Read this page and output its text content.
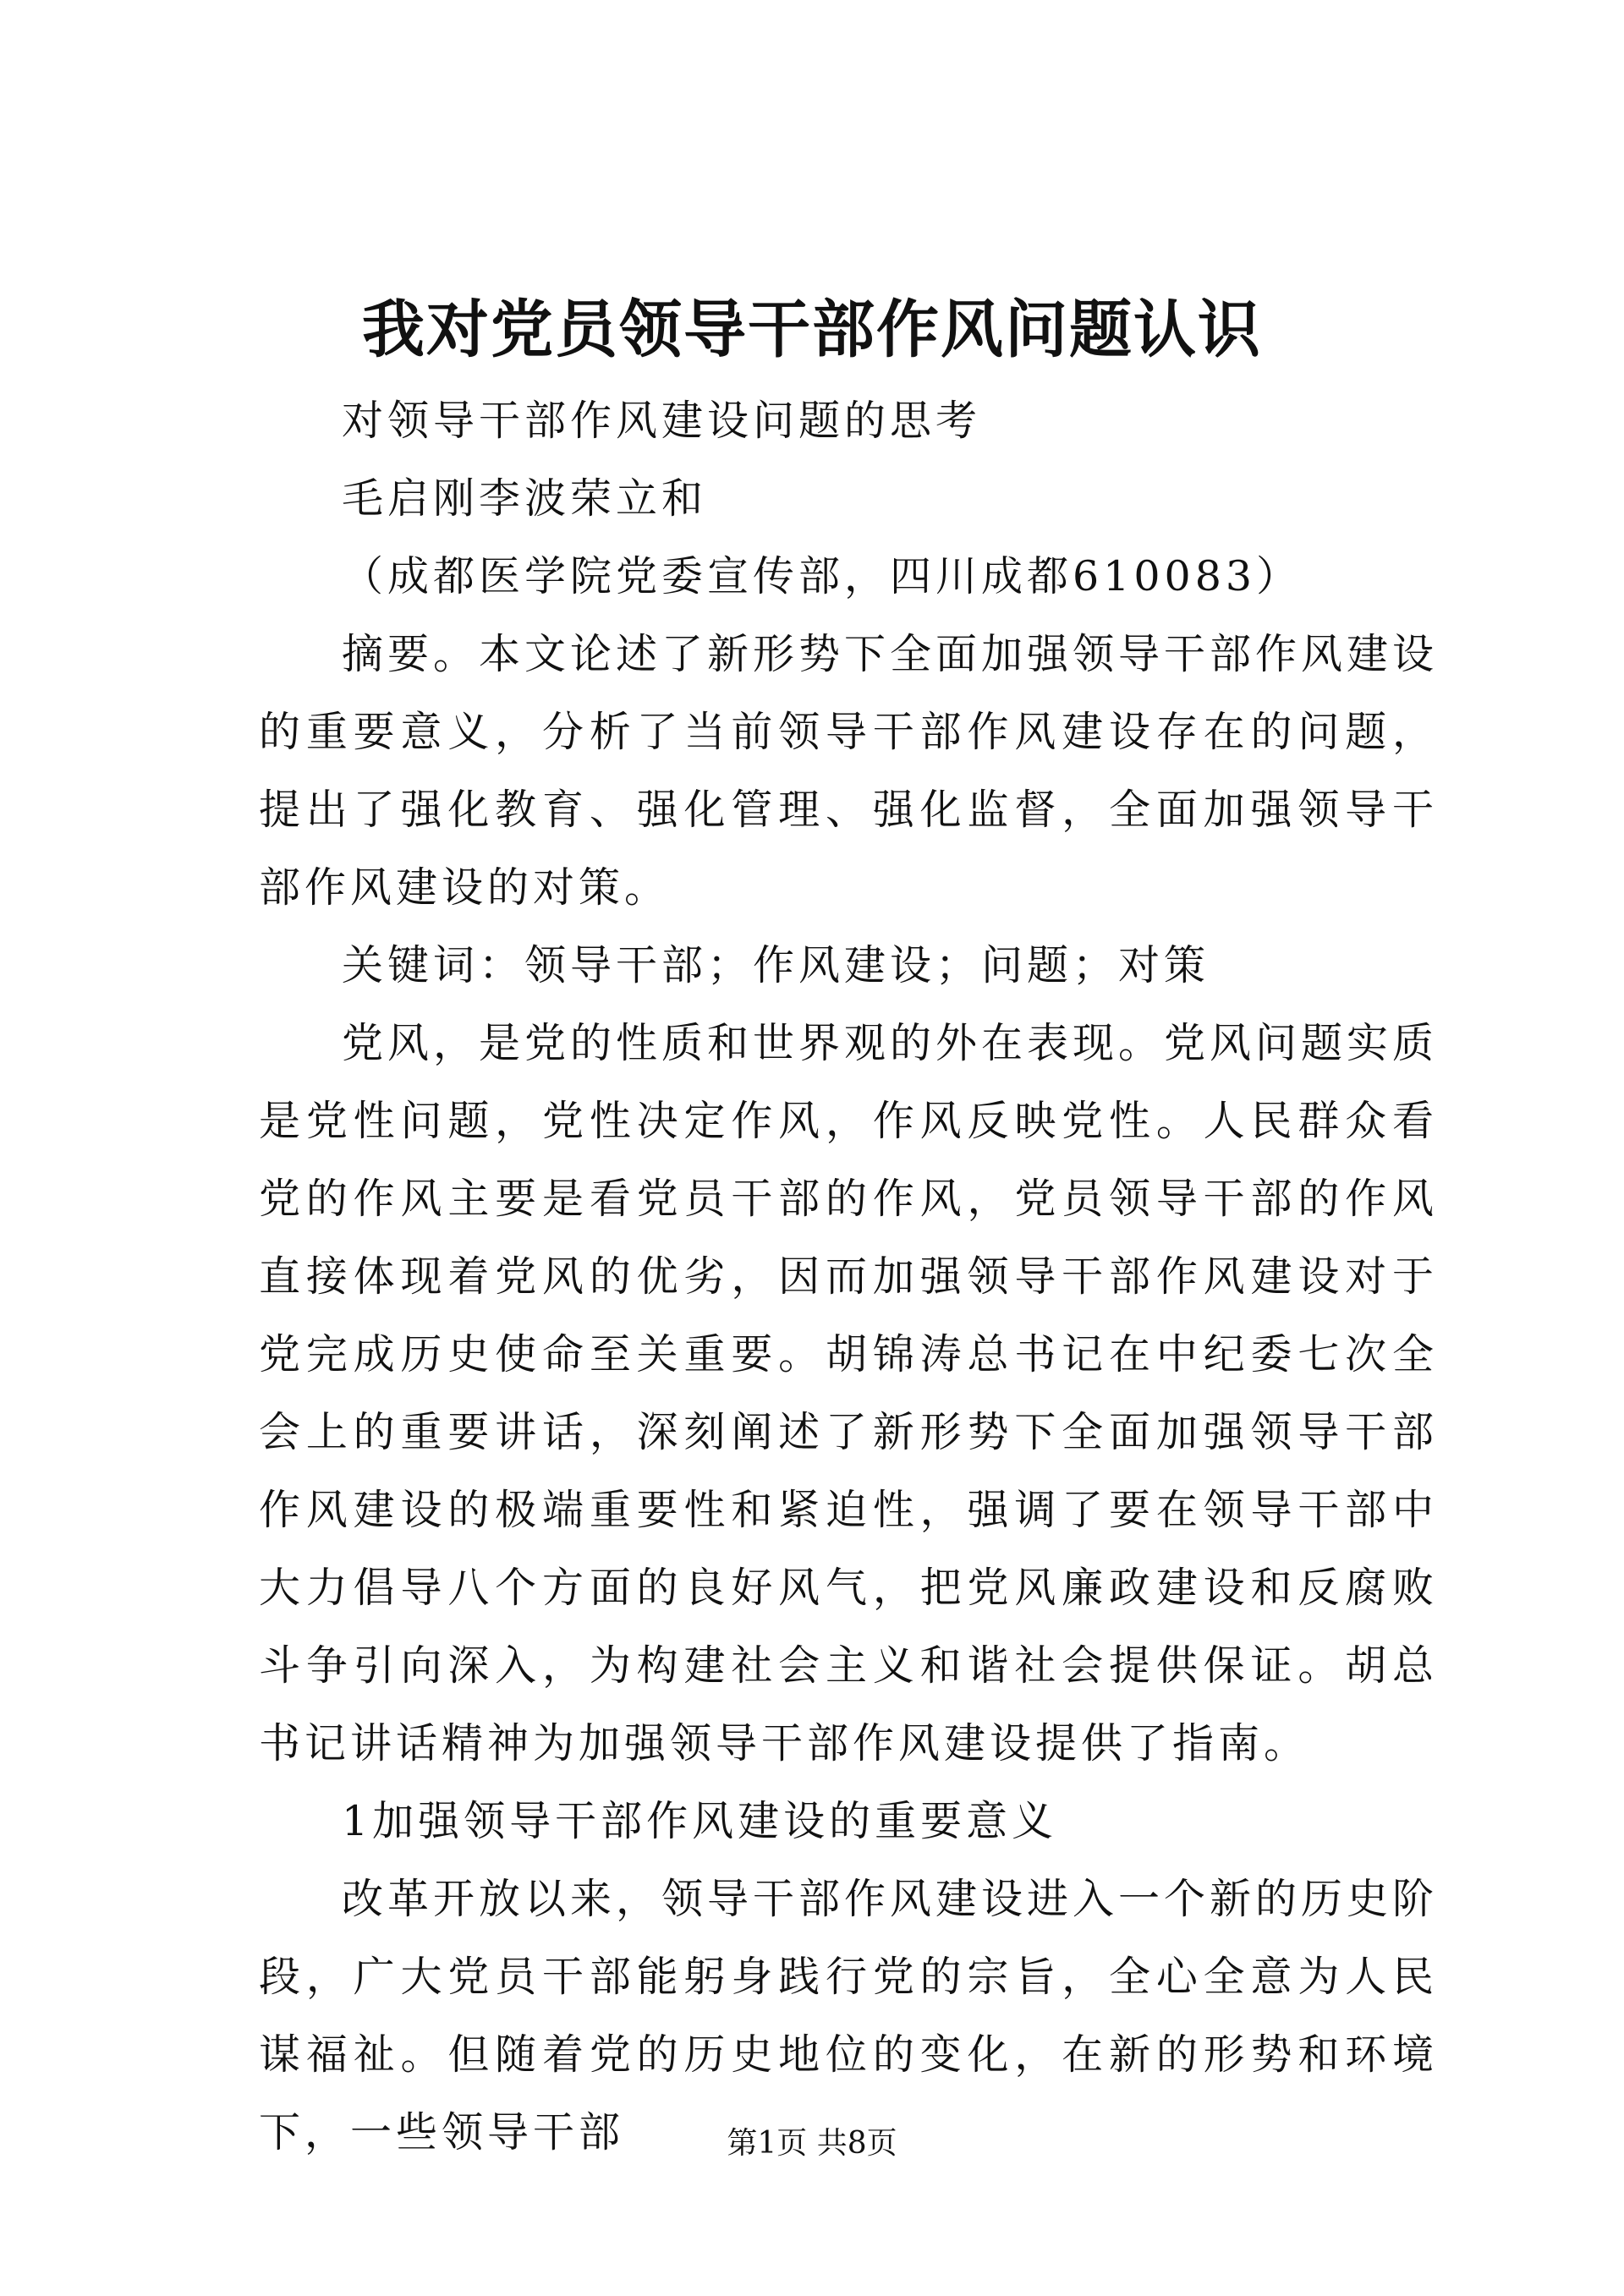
我对党员领导干部作风问题认识

对领导干部作风建设问题的思考

毛启刚李波荣立和

（成都医学院党委宣传部，四川成都610083）

摘要。本文论述了新形势下全面加强领导干部作风建设的重要意义，分析了当前领导干部作风建设存在的问题，提出了强化教育、强化管理、强化监督，全面加强领导干部作风建设的对策。

关键词：领导干部；作风建设；问题；对策

党风，是党的性质和世界观的外在表现。党风问题实质是党性问题，党性决定作风，作风反映党性。人民群众看党的作风主要是看党员干部的作风，党员领导干部的作风直接体现着党风的优劣，因而加强领导干部作风建设对于党完成历史使命至关重要。胡锦涛总书记在中纪委七次全会上的重要讲话，深刻阐述了新形势下全面加强领导干部作风建设的极端重要性和紧迫性，强调了要在领导干部中大力倡导八个方面的良好风气，把党风廉政建设和反腐败斗争引向深入，为构建社会主义和谐社会提供保证。胡总书记讲话精神为加强领导干部作风建设提供了指南。

1加强领导干部作风建设的重要意义

改革开放以来，领导干部作风建设进入一个新的历史阶段，广大党员干部能躬身践行党的宗旨，全心全意为人民谋福祉。但随着党的历史地位的变化，在新的形势和环境下，一些领导干部	第1页 共8页
